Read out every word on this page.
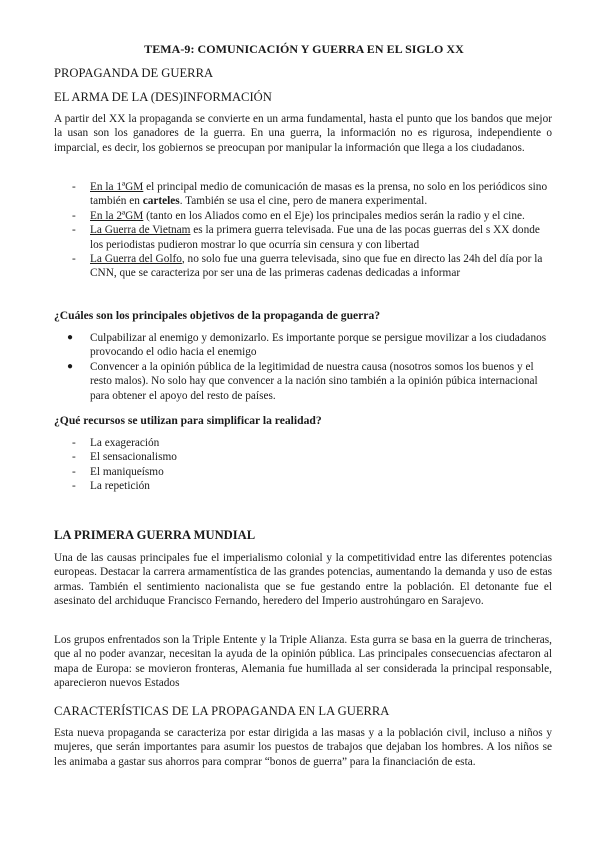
TEMA-9: COMUNICACIÓN Y GUERRA EN EL SIGLO XX
PROPAGANDA DE GUERRA
EL ARMA DE LA (DES)INFORMACIÓN
A partir del XX la propaganda se convierte en un arma fundamental, hasta el punto que los bandos que mejor la usan son los ganadores de la guerra. En una guerra, la información no es rigurosa, independiente o imparcial, es decir, los gobiernos se preocupan por manipular la información que llega a los ciudadanos.
- En la 1ªGM el principal medio de comunicación de masas es la prensa, no solo en los periódicos sino también en carteles. También se usa el cine, pero de manera experimental.
- En la 2ªGM (tanto en los Aliados como en el Eje) los principales medios serán la radio y el cine.
- La Guerra de Vietnam es la primera guerra televisada. Fue una de las pocas guerras del s XX donde los periodistas pudieron mostrar lo que ocurría sin censura y con libertad
- La Guerra del Golfo, no solo fue una guerra televisada, sino que fue en directo las 24h del día por la CNN, que se caracteriza por ser una de las primeras cadenas dedicadas a informar
¿Cuáles son los principales objetivos de la propaganda de guerra?
● Culpabilizar al enemigo y demonizarlo. Es importante porque se persigue movilizar a los ciudadanos provocando el odio hacia el enemigo
● Convencer a la opinión pública de la legitimidad de nuestra causa (nosotros somos los buenos y el resto malos). No solo hay que convencer a la nación sino también a la opinión púbica internacional para obtener el apoyo del resto de países.
¿Qué recursos se utilizan para simplificar la realidad?
- La exageración
- El sensacionalismo
- El maniqueísmo
- La repetición
LA PRIMERA GUERRA MUNDIAL
Una de las causas principales fue el imperialismo colonial y la competitividad entre las diferentes potencias europeas. Destacar la carrera armamentística de las grandes potencias, aumentando la demanda y uso de estas armas. También el sentimiento nacionalista que se fue gestando entre la población. El detonante fue el asesinato del archiduque Francisco Fernando, heredero del Imperio austrohúngaro en Sarajevo.
Los grupos enfrentados son la Triple Entente y la Triple Alianza. Esta gurra se basa en la guerra de trincheras, que al no poder avanzar, necesitan la ayuda de la opinión pública. Las principales consecuencias afectaron al mapa de Europa: se movieron fronteras, Alemania fue humillada al ser considerada la principal responsable, aparecieron nuevos Estados
CARACTERÍSTICAS DE LA PROPAGANDA EN LA GUERRA
Esta nueva propaganda se caracteriza por estar dirigida a las masas y a la población civil, incluso a niños y mujeres, que serán importantes para asumir los puestos de trabajos que dejaban los hombres. A los niños se les animaba a gastar sus ahorros para comprar “bonos de guerra” para la financiación de esta.
